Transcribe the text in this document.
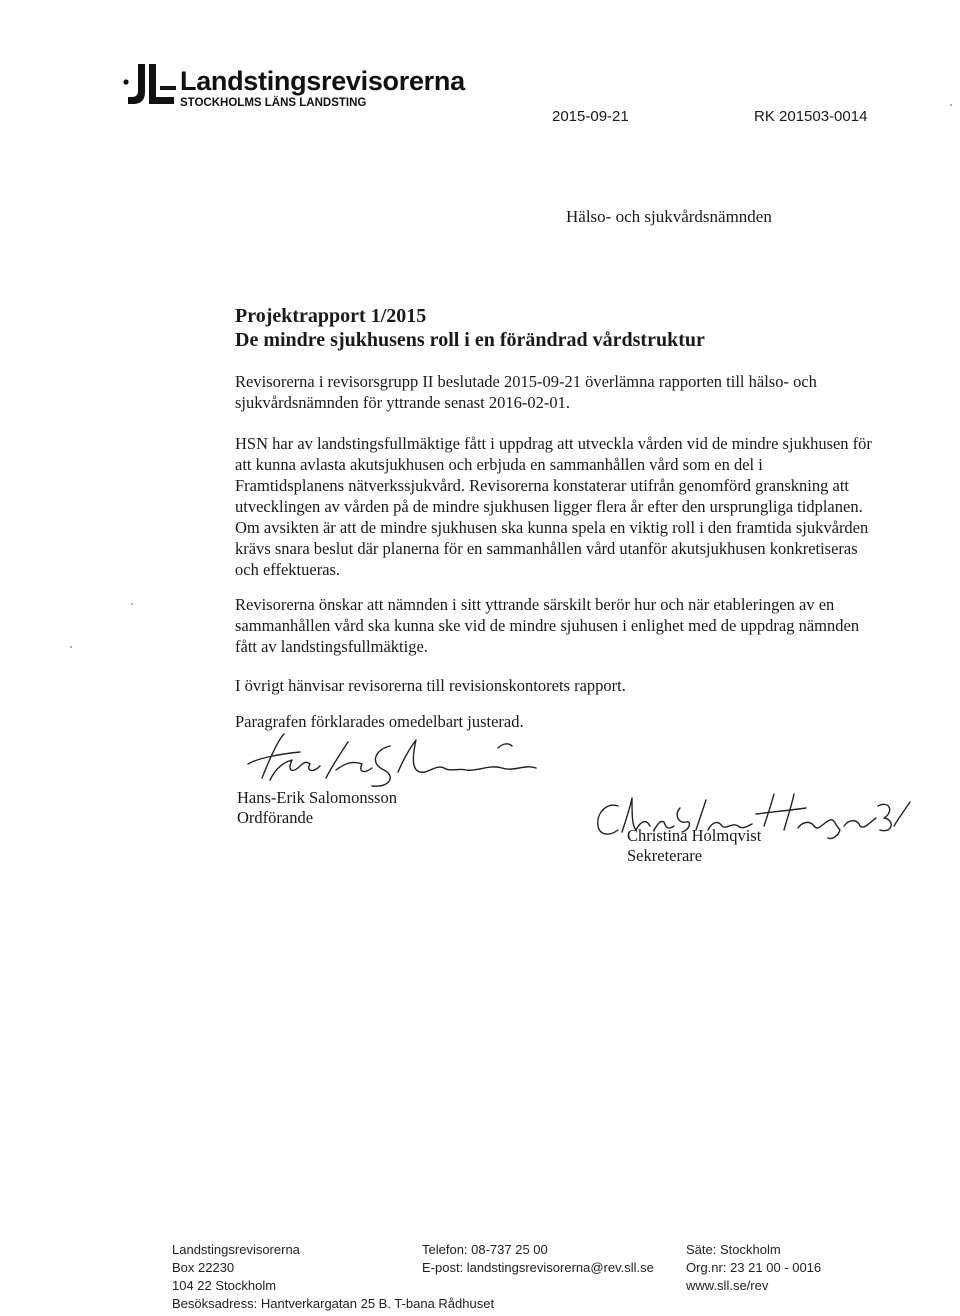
Landstingsrevisorerna
STOCKHOLMS LÄNS LANDSTING
2015-09-21	RK 201503-0014
Hälso- och sjukvårdsnämnden
Projektrapport 1/2015
De mindre sjukhusens roll i en förändrad vårdstruktur
Revisorerna i revisorsgrupp II beslutade 2015-09-21 överlämna rapporten till hälso- och sjukvårdsnämnden för yttrande senast 2016-02-01.
HSN har av landstingsfullmäktige fått i uppdrag att utveckla vården vid de mindre sjukhusen för att kunna avlasta akutsjukhusen och erbjuda en sammanhållen vård som en del i Framtidsplanens nätverkssjukvård. Revisorerna konstaterar utifrån genomförd granskning att utvecklingen av vården på de mindre sjukhusen ligger flera år efter den ursprungliga tidplanen. Om avsikten är att de mindre sjukhusen ska kunna spela en viktig roll i den framtida sjukvården krävs snara beslut där planerna för en sammanhållen vård utanför akutsjukhusen konkretiseras och effektueras.
Revisorerna önskar att nämnden i sitt yttrande särskilt berör hur och när etableringen av en sammanhållen vård ska kunna ske vid de mindre sjuhusen i enlighet med de uppdrag nämnden fått av landstingsfullmäktige.
I övrigt hänvisar revisorerna till revisionskontorets rapport.
Paragrafen förklarades omedelbart justerad.
Hans-Erik Salomonsson
Ordförande
Christina Holmqvist
Sekreterare
Landstingsrevisorerna
Box 22230
104 22 Stockholm
Telefon: 08-737 25 00
E-post: landstingsrevisorerna@rev.sll.se
Säte: Stockholm
Org.nr: 23 21 00 - 0016
www.sll.se/rev
Besöksadress: Hantverkargatan 25 B. T-bana Rådhuset
